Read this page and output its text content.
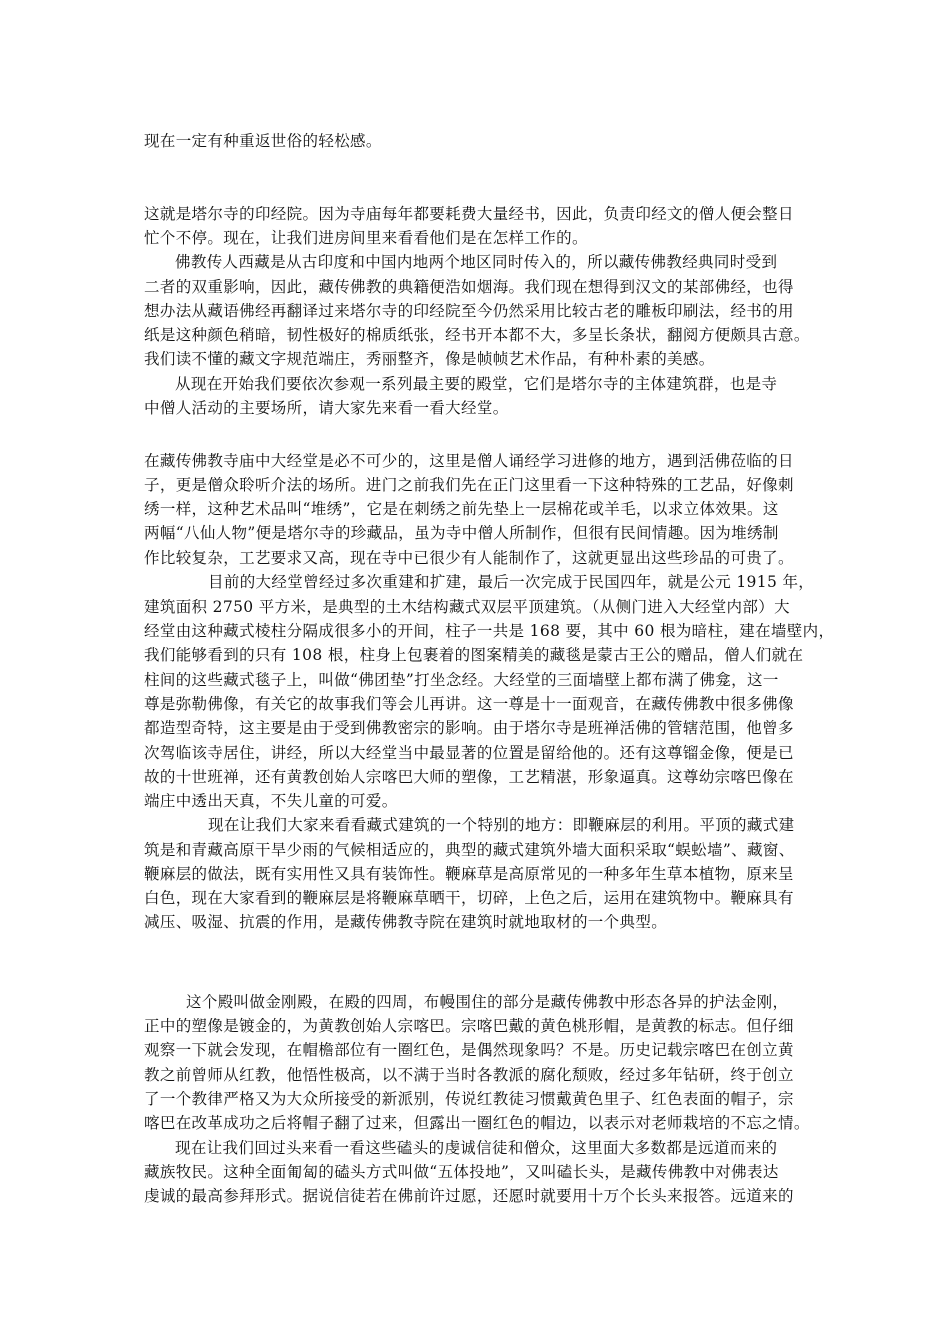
现在一定有种重返世俗的轻松感。
这就是塔尔寺的印经院。因为寺庙每年都要耗费大量经书，因此，负责印经文的僧人便会整日
忙个不停。现在，让我们进房间里来看看他们是在怎样工作的。
佛教传人西藏是从古印度和中国内地两个地区同时传入的，所以藏传佛教经典同时受到
二者的双重影响，因此，藏传佛教的典籍便浩如烟海。我们现在想得到汉文的某部佛经，也得
想办法从藏语佛经再翻译过来塔尔寺的印经院至今仍然采用比较古老的雕板印刷法，经书的用
纸是这种颜色稍暗，韧性极好的棉质纸张，经书开本都不大，多呈长条状，翻阅方便颇具古意。
我们读不懂的藏文字规范端庄，秀丽整齐，像是帧帧艺术作品，有种朴素的美感。
从现在开始我们要依次参观一系列最主要的殿堂，它们是塔尔寺的主体建筑群，也是寺
中僧人活动的主要场所，请大家先来看一看大经堂。
在藏传佛教寺庙中大经堂是必不可少的，这里是僧人诵经学习进修的地方，遇到活佛莅临的日
子，更是僧众聆听介法的场所。进门之前我们先在正门这里看一下这种特殊的工艺品，好像刺
绣一样，这种艺术品叫“堆绣”，它是在刺绣之前先垫上一层棉花或羊毛，以求立体效果。这
两幅“八仙人物”便是塔尔寺的珍藏品，虽为寺中僧人所制作，但很有民间情趣。因为堆绣制
作比较复杂，工艺要求又高，现在寺中已很少有人能制作了，这就更显出这些珍品的可贵了。
目前的大经堂曾经过多次重建和扩建，最后一次完成于民国四年，就是公元 1915 年，
建筑面积 2750 平方米，是典型的土木结构藏式双层平顶建筑。（从侧门进入大经堂内部）大
经堂由这种藏式棱柱分隔成很多小的开间，柱子一共是 168 要，其中 60 根为暗柱，建在墙壁内，
我们能够看到的只有 108 根，柱身上包裹着的图案精美的藏毯是蒙古王公的赠品，僧人们就在
柱间的这些藏式毯子上，叫做“佛团垫”打坐念经。大经堂的三面墙壁上都布满了佛龛，这一
尊是弥勒佛像，有关它的故事我们等会儿再讲。这一尊是十一面观音，在藏传佛教中很多佛像
都造型奇特，这主要是由于受到佛教密宗的影响。由于塔尔寺是班禅活佛的管辖范围，他曾多
次驾临该寺居住，讲经，所以大经堂当中最显著的位置是留给他的。还有这尊镏金像，便是已
故的十世班禅，还有黄教创始人宗喀巴大师的塑像，工艺精湛，形象逼真。这尊幼宗喀巴像在
端庄中透出天真，不失儿童的可爱。
现在让我们大家来看看藏式建筑的一个特别的地方：即鞭麻层的利用。平顶的藏式建
筑是和青藏高原干旱少雨的气候相适应的，典型的藏式建筑外墙大面积采取“蜈蚣墙”、藏窗、
鞭麻层的做法，既有实用性又具有装饰性。鞭麻草是高原常见的一种多年生草本植物，原来呈
白色，现在大家看到的鞭麻层是将鞭麻草晒干，切碎，上色之后，运用在建筑物中。鞭麻具有
减压、吸湿、抗震的作用，是藏传佛教寺院在建筑时就地取材的一个典型。
这个殿叫做金刚殿，在殿的四周，布幔围住的部分是藏传佛教中形态各异的护法金刚，
正中的塑像是镀金的，为黄教创始人宗喀巴。宗喀巴戴的黄色桃形帽，是黄教的标志。但仔细
观察一下就会发现，在帽檐部位有一圈红色，是偶然现象吗？不是。历史记载宗喀巴在创立黄
教之前曾师从红教，他悟性极高，以不满于当时各教派的腐化颓败，经过多年钻研，终于创立
了一个教律严格又为大众所接受的新派别，传说红教徒习惯戴黄色里子、红色表面的帽子，宗
喀巴在改革成功之后将帽子翻了过来，但露出一圈红色的帽边，以表示对老师栽培的不忘之情。
现在让我们回过头来看一看这些磕头的虔诚信徒和僧众，这里面大多数都是远道而来的
藏族牧民。这种全面匍匐的磕头方式叫做“五体投地”，又叫磕长头，是藏传佛教中对佛表达
虔诚的最高参拜形式。据说信徒若在佛前许过愿，还愿时就要用十万个长头来报答。远道来的
